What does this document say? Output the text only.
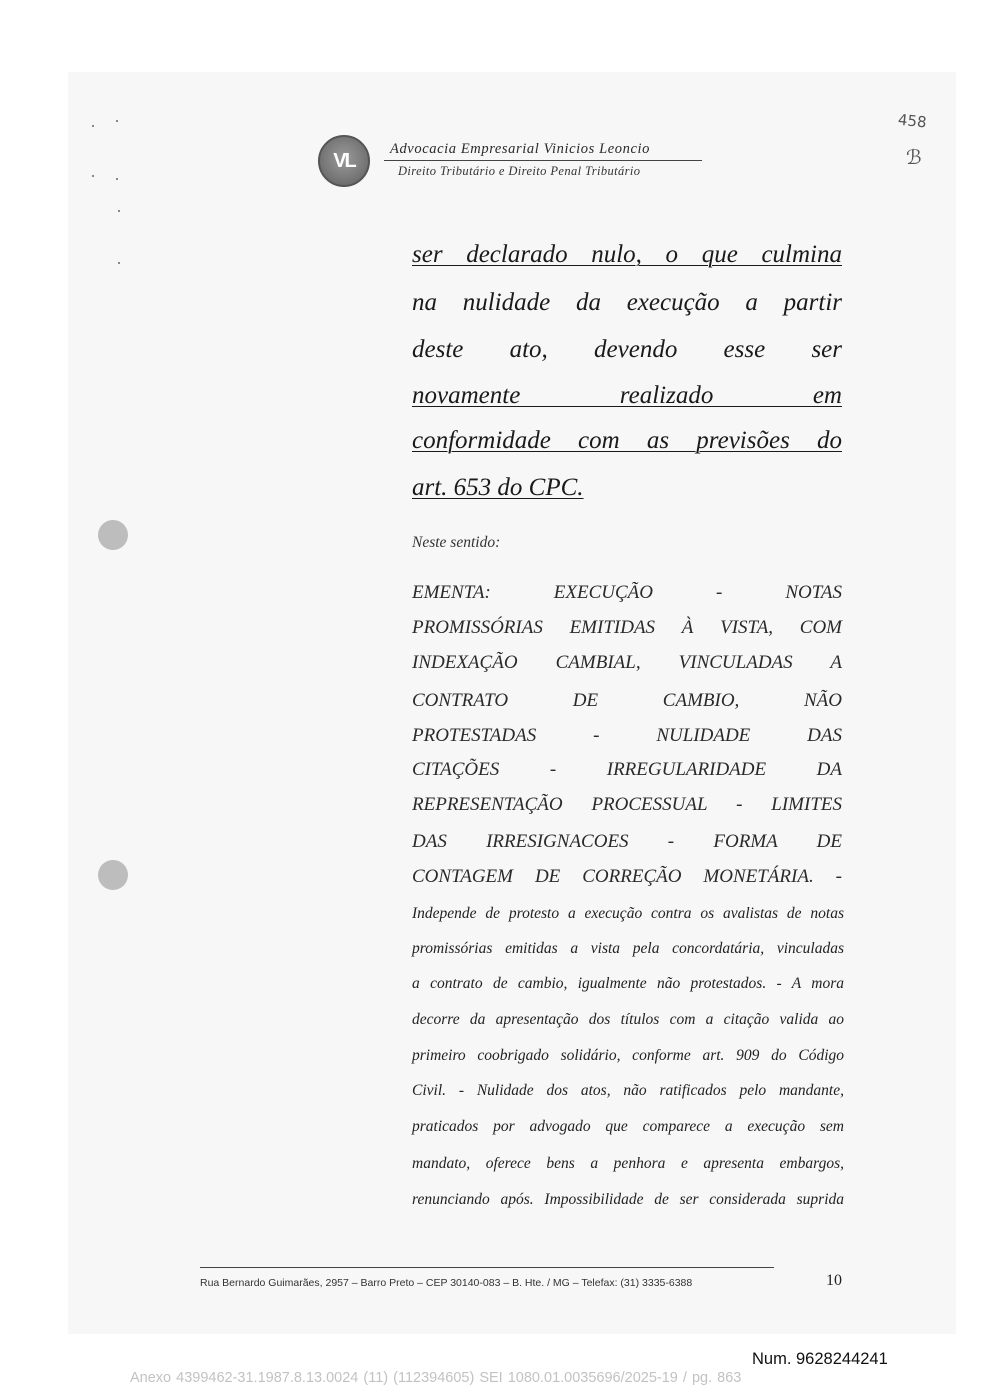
VL
Advocacia Empresarial Vinicios Leoncio
Direito Tributário e Direito Penal Tributário
458
ℬ
ser declarado nulo, o que culmina
na nulidade da execução a partir
deste ato, devendo esse ser
novamente realizado em
conformidade com as previsões do
art. 653 do CPC.
Neste sentido:
EMENTA: EXECUÇÃO - NOTAS
PROMISSÓRIAS EMITIDAS À VISTA, COM
INDEXAÇÃO CAMBIAL, VINCULADAS A
CONTRATO DE CAMBIO, NÃO
PROTESTADAS - NULIDADE DAS
CITAÇÕES - IRREGULARIDADE DA
REPRESENTAÇÃO PROCESSUAL - LIMITES
DAS IRRESIGNACOES - FORMA DE
CONTAGEM DE CORREÇÃO MONETÁRIA. -
Independe de protesto a execução contra os avalistas de notas
promissórias emitidas a vista pela concordatária, vinculadas
a contrato de cambio, igualmente não protestados. - A mora
decorre da apresentação dos títulos com a citação valida ao
primeiro coobrigado solidário, conforme art. 909 do Código
Civil. - Nulidade dos atos, não ratificados pelo mandante,
praticados por advogado que comparece a execução sem
mandato, oferece bens a penhora e apresenta embargos,
renunciando após. Impossibilidade de ser considerada suprida
Rua Bernardo Guimarães, 2957 – Barro Preto – CEP 30140-083 – B. Hte. / MG – Telefax: (31) 3335-6388	10
Num. 9628244241
Anexo 4399462-31.1987.8.13.0024 (11) (112394605) SEI 1080.01.0035696/2025-19 / pg. 863
